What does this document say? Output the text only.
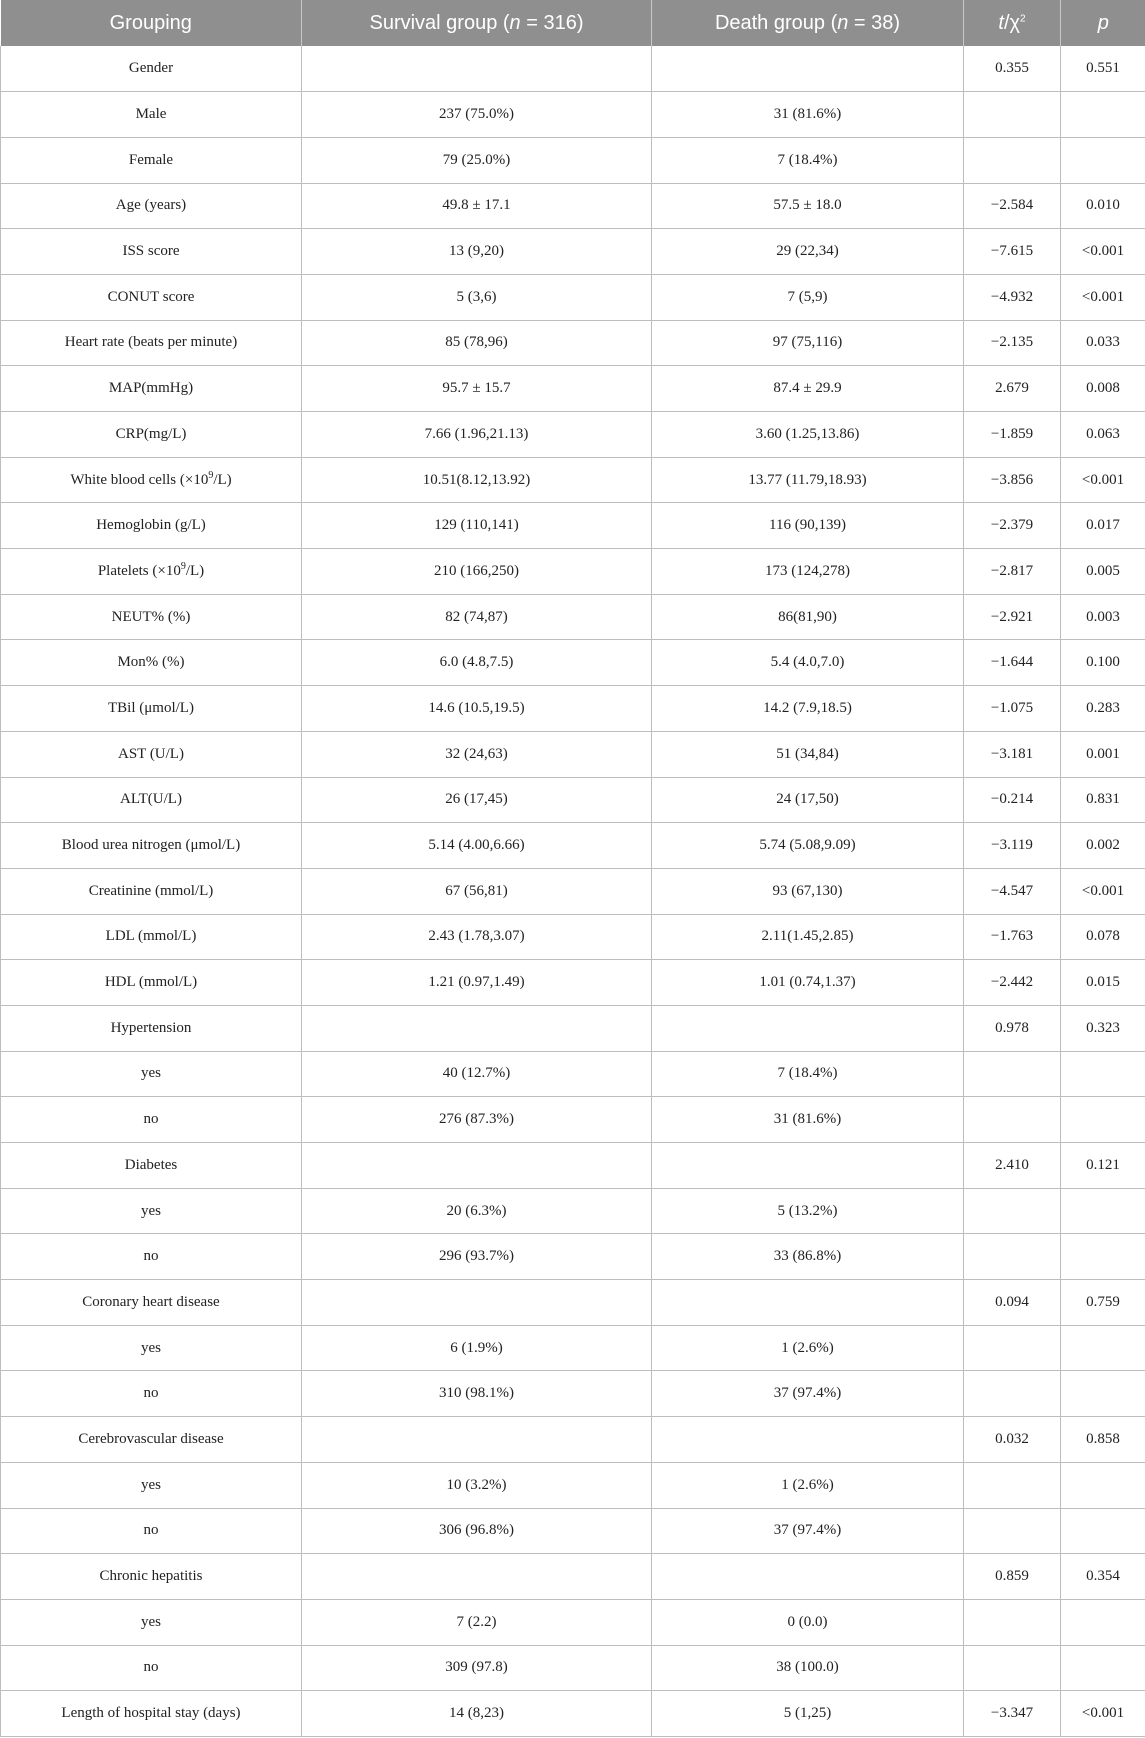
Grouping	Survival group (n = 316)	Death group (n = 38)	$t/\chi^2$	p
Gender			0.355	0.551
Male	237 (75.0%)	31 (81.6%)		
Female	79 (25.0%)	7 (18.4%)		
Age (years)	49.8 ± 17.1	57.5 ± 18.0	−2.584	0.010
ISS score	13 (9,20)	29 (22,34)	−7.615	<0.001
CONUT score	5 (3,6)	7 (5,9)	−4.932	<0.001
Heart rate (beats per minute)	85 (78,96)	97 (75,116)	−2.135	0.033
MAP(mmHg)	95.7 ± 15.7	87.4 ± 29.9	2.679	0.008
CRP(mg/L)	7.66 (1.96,21.13)	3.60 (1.25,13.86)	−1.859	0.063
White blood cells $(\times 10^9/L)$	10.51(8.12,13.92)	13.77 (11.79,18.93)	−3.856	<0.001
Hemoglobin (g/L)	129 (110,141)	116 (90,139)	−2.379	0.017
Platelets $(\times 10^9/L)$	210 (166,250)	173 (124,278)	−2.817	0.005
NEUT% (%)	82 (74,87)	86(81,90)	−2.921	0.003
Mon% (%)	6.0 (4.8,7.5)	5.4 (4.0,7.0)	−1.644	0.100
TBil (μmol/L)	14.6 (10.5,19.5)	14.2 (7.9,18.5)	−1.075	0.283
AST (U/L)	32 (24,63)	51 (34,84)	−3.181	0.001
ALT(U/L)	26 (17,45)	24 (17,50)	−0.214	0.831
Blood urea nitrogen (μmol/L)	5.14 (4.00,6.66)	5.74 (5.08,9.09)	−3.119	0.002
Creatinine (mmol/L)	67 (56,81)	93 (67,130)	−4.547	<0.001
LDL (mmol/L)	2.43 (1.78,3.07)	2.11(1.45,2.85)	−1.763	0.078
HDL (mmol/L)	1.21 (0.97,1.49)	1.01 (0.74,1.37)	−2.442	0.015
Hypertension			0.978	0.323
yes	40 (12.7%)	7 (18.4%)		
no	276 (87.3%)	31 (81.6%)		
Diabetes			2.410	0.121
yes	20 (6.3%)	5 (13.2%)		
no	296 (93.7%)	33 (86.8%)		
Coronary heart disease			0.094	0.759
yes	6 (1.9%)	1 (2.6%)		
no	310 (98.1%)	37 (97.4%)		
Cerebrovascular disease			0.032	0.858
yes	10 (3.2%)	1 (2.6%)		
no	306 (96.8%)	37 (97.4%)		
Chronic hepatitis			0.859	0.354
yes	7 (2.2)	0 (0.0)		
no	309 (97.8)	38 (100.0)		
Length of hospital stay (days)	14 (8,23)	5 (1,25)	−3.347	<0.001
